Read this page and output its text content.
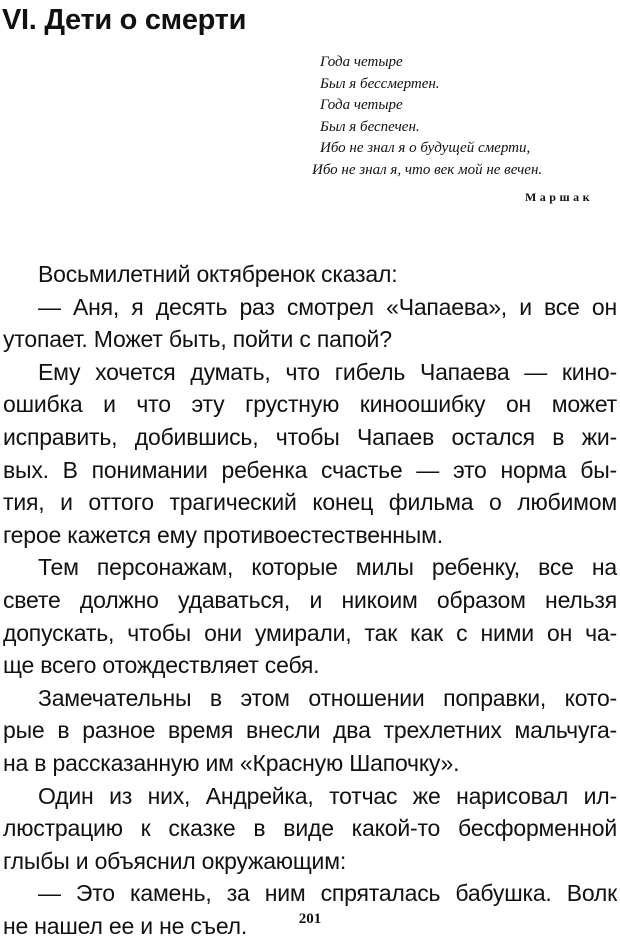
VI. Дети о смерти
Года четыре
Был я бессмертен.
Года четыре
Был я беспечен.
Ибо не знал я о будущей смерти,
Ибо не знал я, что век мой не вечен.
Маршак
Восьмилетний октябренок сказал:
— Аня, я десять раз смотрел «Чапаева», и все он
утопает. Может быть, пойти с папой?
Ему хочется думать, что гибель Чапаева — кино-
ошибка и что эту грустную киноошибку он может
исправить, добившись, чтобы Чапаев остался в жи-
вых. В понимании ребенка счастье — это норма бы-
тия, и оттого трагический конец фильма о любимом
герое кажется ему противоестественным.
Тем персонажам, которые милы ребенку, все на
свете должно удаваться, и никоим образом нельзя
допускать, чтобы они умирали, так как с ними он ча-
ще всего отождествляет себя.
Замечательны в этом отношении поправки, кото-
рые в разное время внесли два трехлетних мальчуга-
на в рассказанную им «Красную Шапочку».
Один из них, Андрейка, тотчас же нарисовал ил-
люстрацию к сказке в виде какой-то бесформенной
глыбы и объяснил окружающим:
— Это камень, за ним спряталась бабушка. Волк
не нашел ее и не съел.	201
